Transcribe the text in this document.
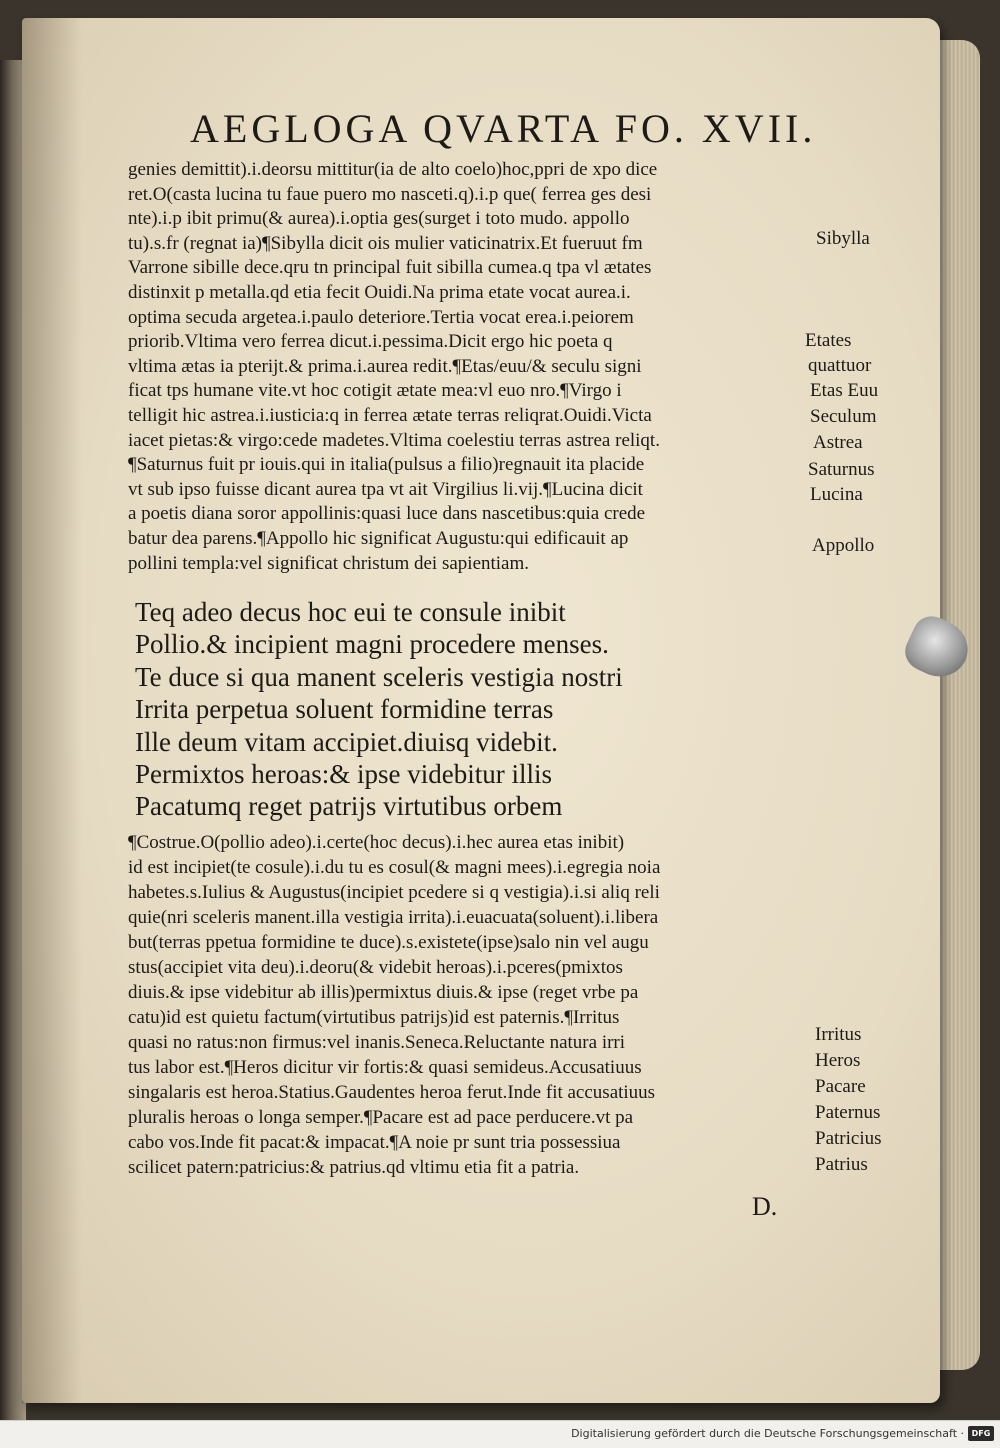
AEGLOGA QVARTA FO. XVII.
genies demittit).i.deorsu mittitur(ia de alto coelo)hoc,ppri de xpo dice
ret.O(casta lucina tu faue puero mo nasceti.q).i.p que( ferrea ges desi
nte).i.p ibit primu(& aurea).i.optia ges(surget i toto mudo. appollo
tu).s.fr (regnat ia)¶Sibylla dicit ois mulier vaticinatrix.Et fueruut fm
Varrone sibille dece.qru tn principal fuit sibilla cumea.q tpa vl ætates
distinxit p metalla.qd etia fecit Ouidi.Na prima etate vocat aurea.i.
optima secuda argetea.i.paulo deteriore.Tertia vocat erea.i.peiorem
priorib.Vltima vero ferrea dicut.i.pessima.Dicit ergo hic poeta q
vltima ætas ia pterijt.& prima.i.aurea redit.¶Etas/euu/& seculu signi
ficat tps humane vite.vt hoc cotigit ætate mea:vl euo nro.¶Virgo i
telligit hic astrea.i.iusticia:q in ferrea ætate terras reliqrat.Ouidi.Victa
iacet pietas:& virgo:cede madetes.Vltima coelestiu terras astrea reliqt.
¶Saturnus fuit pr iouis.qui in italia(pulsus a filio)regnauit ita placide
vt sub ipso fuisse dicant aurea tpa vt ait Virgilius li.vij.¶Lucina dicit
a poetis diana soror appollinis:quasi luce dans nascetibus:quia crede
batur dea parens.¶Appollo hic significat Augustu:qui edificauit ap
pollini templa:vel significat christum dei sapientiam.
Teq adeo decus hoc eui te consule inibit
Pollio.& incipient magni procedere menses.
Te duce si qua manent sceleris vestigia nostri
Irrita perpetua soluent formidine terras
Ille deum vitam accipiet.diuisq videbit.
Permixtos heroas:& ipse videbitur illis
Pacatumq reget patrijs virtutibus orbem
¶Costrue.O(pollio adeo).i.certe(hoc decus).i.hec aurea etas inibit)
id est incipiet(te cosule).i.du tu es cosul(& magni mees).i.egregia noia
habetes.s.Iulius & Augustus(incipiet pcedere si q vestigia).i.si aliq reli
quie(nri sceleris manent.illa vestigia irrita).i.euacuata(soluent).i.libera
but(terras ppetua formidine te duce).s.existete(ipse)salo nin vel augu
stus(accipiet vita deu).i.deoru(& videbit heroas).i.pceres(pmixtos
diuis.& ipse videbitur ab illis)permixtus diuis.& ipse (reget vrbe pa
catu)id est quietu factum(virtutibus patrijs)id est paternis.¶Irritus
quasi no ratus:non firmus:vel inanis.Seneca.Reluctante natura irri
tus labor est.¶Heros dicitur vir fortis:& quasi semideus.Accusatiuus
singalaris est heroa.Statius.Gaudentes heroa ferut.Inde fit accusatiuus
pluralis heroas o longa semper.¶Pacare est ad pace perducere.vt pa
cabo vos.Inde fit pacat:& impacat.¶A noie pr sunt tria possessiua
scilicet patern:patricius:& patrius.qd vltimu etia fit a patria.
Sibylla
Etates
quattuor
Etas Euu
Seculum
Astrea
Saturnus
Lucina
Appollo
Irritus
Heros
Pacare
Paternus
Patricius
Patrius
D.
Digitalisierung gefördert durch die Deutsche Forschungsgemeinschaft · DFG
